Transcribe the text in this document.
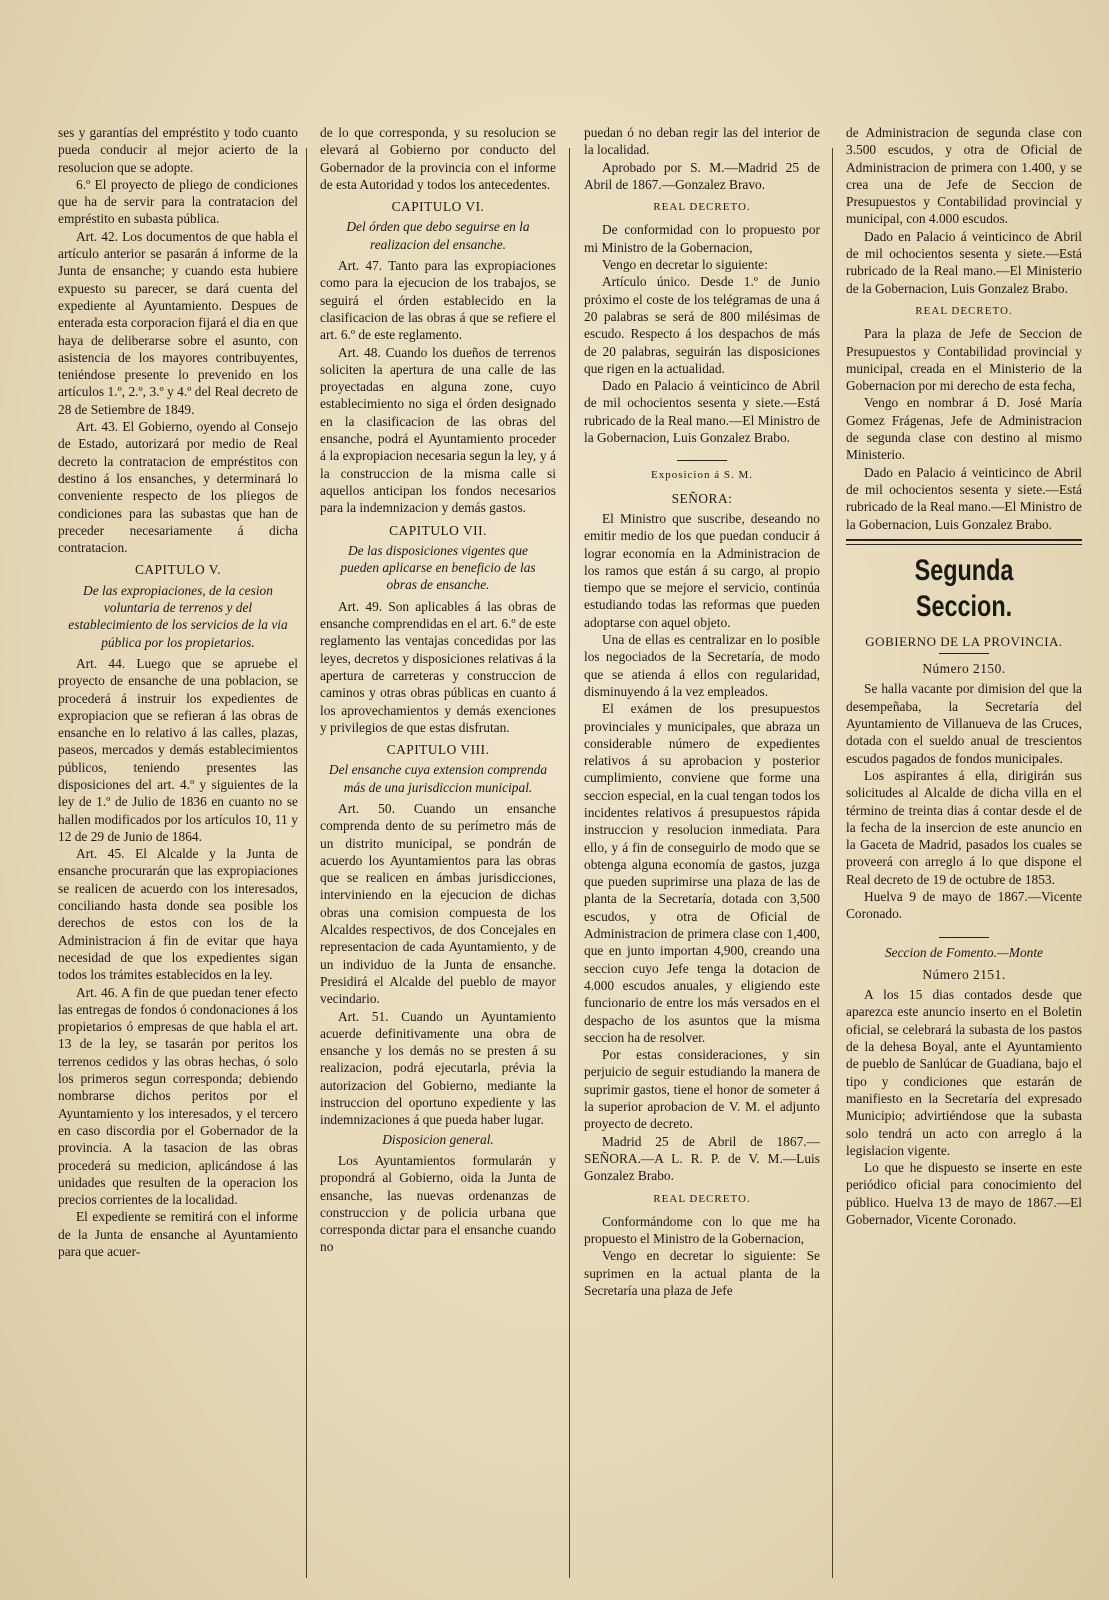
ses y garantías del empréstito y todo cuanto pueda conducir al mejor acierto de la resolucion que se adopte.

6.º El proyecto de pliego de condiciones que ha de servir para la contratacion del empréstito en subasta pública.

Art. 42. Los documentos de que habla el artículo anterior se pasarán á informe de la Junta de ensanche; y cuando esta hubiere expuesto su parecer, se dará cuenta del expediente al Ayuntamiento. Despues de enterada esta corporacion fijará el dia en que haya de deliberarse sobre el asunto, con asistencia de los mayores contribuyentes, teniéndose presente lo prevenido en los artículos 1.º, 2.º, 3.º y 4.º del Real decreto de 28 de Setiembre de 1849.

Art. 43. El Gobierno, oyendo al Consejo de Estado, autorizará por medio de Real decreto la contratacion de empréstitos con destino á los ensanches, y determinará lo conveniente respecto de los pliegos de condiciones para las subastas que han de preceder necesariamente á dicha contratacion.

CAPITULO V.
De las expropiaciones, de la cesion voluntaria de terrenos y del establecimiento de los servicios de la via pública por los propietarios.

Art. 44. Luego que se apruebe el proyecto de ensanche de una poblacion, se procederá á instruir los expedientes de expropiacion que se refieran á las obras de ensanche en lo relativo á las calles, plazas, paseos, mercados y demás establecimientos públicos, teniendo presentes las disposiciones del art. 4.º y siguientes de la ley de 1.º de Julio de 1836 en cuanto no se hallen modificados por los artículos 10, 11 y 12 de 29 de Junio de 1864.

Art. 45. El Alcalde y la Junta de ensanche procurarán que las expropiaciones se realicen de acuerdo con los interesados, conciliando hasta donde sea posible los derechos de estos con los de la Administracion á fin de evitar que haya necesidad de que los expedientes sigan todos los trámites establecidos en la ley.

Art. 46. A fin de que puedan tener efecto las entregas de fondos ó condonaciones á los propietarios ó empresas de que habla el art. 13 de la ley, se tasarán por peritos los terrenos cedidos y las obras hechas, ó solo los primeros segun corresponda; debiendo nombrarse dichos peritos por el Ayuntamiento y los interesados, y el tercero en caso discordia por el Gobernador de la provincia. A la tasacion de las obras procederá su medicion, aplicándose á las unidades que resulten de la operacion los precios corrientes de la localidad.

El expediente se remitirá con el informe de la Junta de ensanche al Ayuntamiento para que acuer-

de lo que corresponda, y su resolucion se elevará al Gobierno por conducto del Gobernador de la provincia con el informe de esta Autoridad y todos los antecedentes.

CAPITULO VI.
Del órden que debo seguirse en la realizacion del ensanche.

Art. 47. Tanto para las expropiaciones como para la ejecucion de los trabajos, se seguirá el órden establecido en la clasificacion de las obras á que se refiere el art. 6.º de este reglamento.

Art. 48. Cuando los dueños de terrenos soliciten la apertura de una calle de las proyectadas en alguna zone, cuyo establecimiento no siga el órden designado en la clasificacion de las obras del ensanche, podrá el Ayuntamiento proceder á la expropiacion necesaria segun la ley, y á la construccion de la misma calle si aquellos anticipan los fondos necesarios para la indemnizacion y demás gastos.

CAPITULO VII.
De las disposiciones vigentes que pueden aplicarse en beneficio de las obras de ensanche.

Art. 49. Son aplicables á las obras de ensanche comprendidas en el art. 6.º de este reglamento las ventajas concedidas por las leyes, decretos y disposiciones relativas á la apertura de carreteras y construccion de caminos y otras obras públicas en cuanto á los aprovechamientos y demás exenciones y privilegios de que estas disfrutan.

CAPITULO VIII.
Del ensanche cuya extension comprenda más de una jurisdiccion municipal.

Art. 50. Cuando un ensanche comprenda dento de su perímetro más de un distrito municipal, se pondrán de acuerdo los Ayuntamientos para las obras que se realicen en ámbas jurisdicciones, interviniendo en la ejecucion de dichas obras una comision compuesta de los Alcaldes respectivos, de dos Concejales en representacion de cada Ayuntamiento, y de un individuo de la Junta de ensanche. Presidirá el Alcalde del pueblo de mayor vecindario.

Art. 51. Cuando un Ayuntamiento acuerde definitivamente una obra de ensanche y los demás no se presten á su realizacion, podrá ejecutarla, prévia la autorizacion del Gobierno, mediante la instruccion del oportuno expediente y las indemnizaciones á que pueda haber lugar.

Disposicion general.

Los Ayuntamientos formularán y propondrá al Gobierno, oida la Junta de ensanche, las nuevas ordenanzas de construccion y de policia urbana que corresponda dictar para el ensanche cuando no

puedan ó no deban regir las del interior de la localidad.

Aprobado por S. M.—Madrid 25 de Abril de 1867.—Gonzalez Bravo.

REAL DECRETO.

De conformidad con lo propuesto por mi Ministro de la Gobernacion,

Vengo en decretar lo siguiente:

Artículo único. Desde 1.º de Junio próximo el coste de los telégramas de una á 20 palabras se será de 800 milésimas de escudo. Respecto á los despachos de más de 20 palabras, seguirán las disposiciones que rigen en la actualidad.

Dado en Palacio á veinticinco de Abril de mil ochocientos sesenta y siete.—Está rubricado de la Real mano.—El Ministro de la Gobernacion, Luis Gonzalez Brabo.

Exposicion á S. M.
SEÑORA:

El Ministro que suscribe, deseando no emitir medio de los que puedan conducir á lograr economía en la Administracion de los ramos que están á su cargo, al propio tiempo que se mejore el servicio, continúa estudiando todas las reformas que pueden adoptarse con aquel objeto.

Una de ellas es centralizar en lo posible los negociados de la Secretaría, de modo que se atienda á ellos con regularidad, disminuyendo á la vez empleados.

El exámen de los presupuestos provinciales y municipales, que abraza un considerable número de expedientes relativos á su aprobacion y posterior cumplimiento, conviene que forme una seccion especial, en la cual tengan todos los incidentes relativos á presupuestos rápida instruccion y resolucion inmediata. Para ello, y á fin de conseguirlo de modo que se obtenga alguna economía de gastos, juzga que pueden suprimirse una plaza de las de planta de la Secretaría, dotada con 3,500 escudos, y otra de Oficial de Administracion de primera clase con 1,400, que en junto importan 4,900, creando una seccion cuyo Jefe tenga la dotacion de 4.000 escudos anuales, y eligiendo este funcionario de entre los más versados en el despacho de los asuntos que la misma seccion ha de resolver.

Por estas consideraciones, y sin perjuicio de seguir estudiando la manera de suprimir gastos, tiene el honor de someter á la superior aprobacion de V. M. el adjunto proyecto de decreto.

Madrid 25 de Abril de 1867.—SEÑORA.—A L. R. P. de V. M.—Luis Gonzalez Brabo.

REAL DECRETO.

Conformándome con lo que me ha propuesto el Ministro de la Gobernacion,

Vengo en decretar lo siguiente: Se suprimen en la actual planta de la Secretaría una plaza de Jefe

de Administracion de segunda clase con 3.500 escudos, y otra de Oficial de Administracion de primera con 1.400, y se crea una de Jefe de Seccion de Presupuestos y Contabilidad provincial y municipal, con 4.000 escudos.

Dado en Palacio á veinticinco de Abril de mil ochocientos sesenta y siete.—Está rubricado de la Real mano.—El Ministerio de la Gobernacion, Luis Gonzalez Brabo.

REAL DECRETO.

Para la plaza de Jefe de Seccion de Presupuestos y Contabilidad provincial y municipal, creada en el Ministerio de la Gobernacion por mi derecho de esta fecha,

Vengo en nombrar á D. José María Gomez Frágenas, Jefe de Administracion de segunda clase con destino al mismo Ministerio.

Dado en Palacio á veinticinco de Abril de mil ochocientos sesenta y siete.—Está rubricado de la Real mano.—El Ministro de la Gobernacion, Luis Gonzalez Brabo.

Segunda Seccion.
GOBIERNO DE LA PROVINCIA.
Número 2150.

Se halla vacante por dimision del que la desempeñaba, la Secretaría del Ayuntamiento de Villanueva de las Cruces, dotada con el sueldo anual de trescientos escudos pagados de fondos municipales.

Los aspirantes á ella, dirigirán sus solicitudes al Alcalde de dicha villa en el término de treinta dias á contar desde el de la fecha de la insercion de este anuncio en la Gaceta de Madrid, pasados los cuales se proveerá con arreglo á lo que dispone el Real decreto de 19 de octubre de 1853.

Huelva 9 de mayo de 1867.—Vicente Coronado.

Seccion de Fomento.—Monte
Número 2151.

A los 15 dias contados desde que aparezca este anuncio inserto en el Boletin oficial, se celebrará la subasta de los pastos de la dehesa Boyal, ante el Ayuntamiento de pueblo de Sanlúcar de Guadiana, bajo el tipo y condiciones que estarán de manifiesto en la Secretaría del expresado Municipio; advirtiéndose que la subasta solo tendrá un acto con arreglo á la legislacion vigente.

Lo que he dispuesto se inserte en este periódico oficial para conocimiento del público. Huelva 13 de mayo de 1867.—El Gobernador, Vicente Coronado.
